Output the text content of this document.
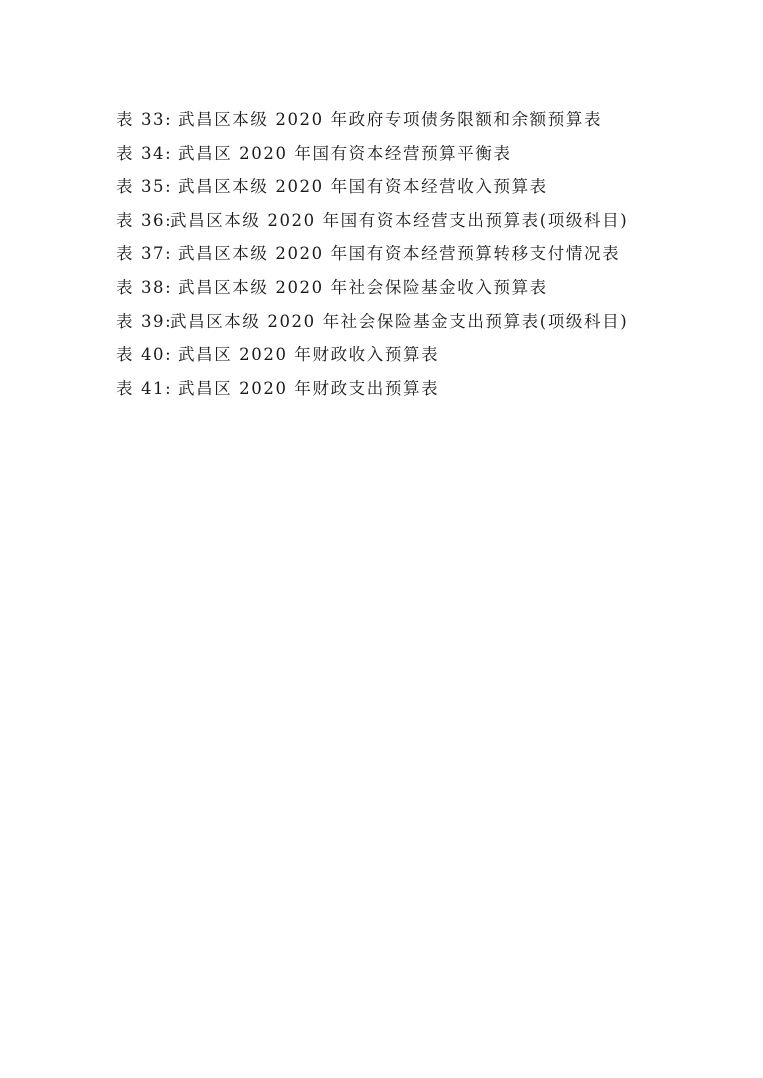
表 33: 武昌区本级 2020 年政府专项债务限额和余额预算表
表 34: 武昌区 2020 年国有资本经营预算平衡表
表 35: 武昌区本级 2020 年国有资本经营收入预算表
表 36:武昌区本级 2020 年国有资本经营支出预算表(项级科目)
表 37: 武昌区本级 2020 年国有资本经营预算转移支付情况表
表 38: 武昌区本级 2020 年社会保险基金收入预算表
表 39:武昌区本级 2020 年社会保险基金支出预算表(项级科目)
表 40: 武昌区 2020 年财政收入预算表
表 41: 武昌区 2020 年财政支出预算表
